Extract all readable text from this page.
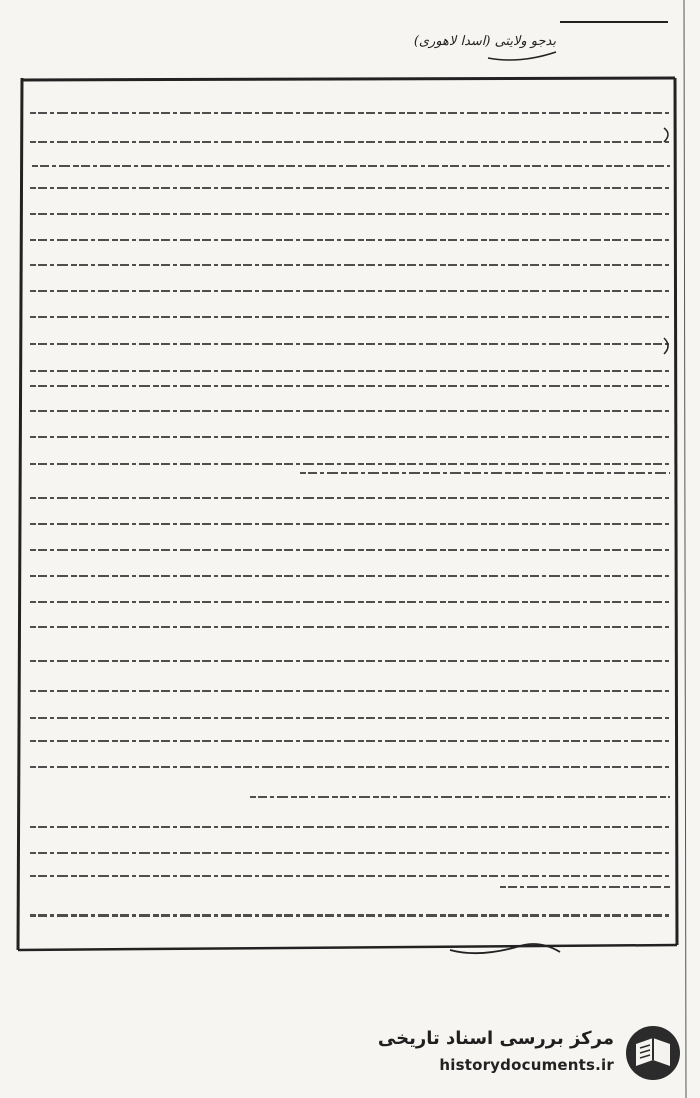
بدجو ولایتی (اسدا لاهوری)
مرکز بررسی اسناد تاریخی
historydocuments.ir
